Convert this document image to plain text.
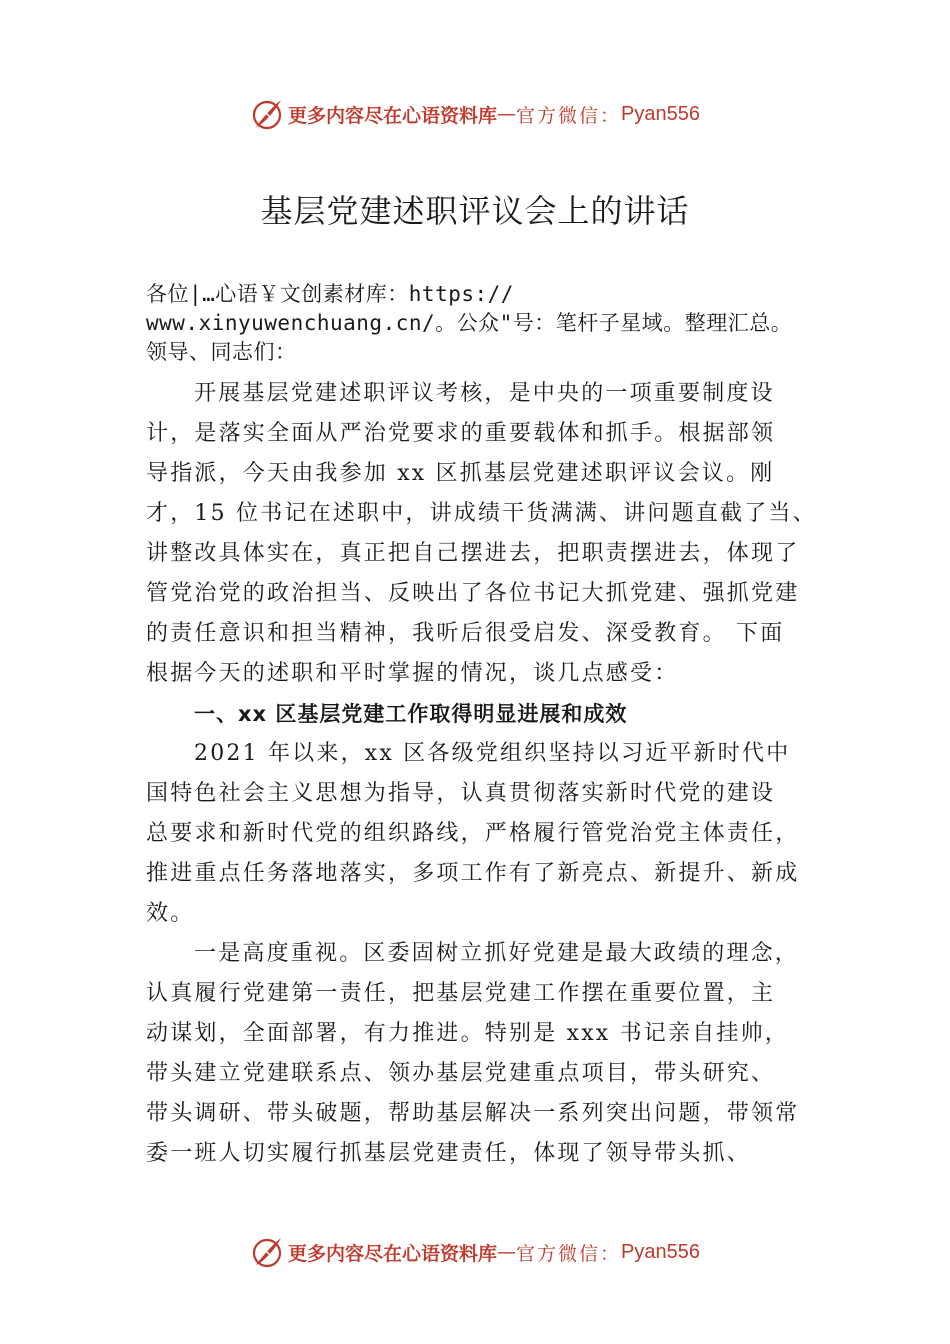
更多内容尽在心语资料库 — 官方微信： Pyan556
基层党建述职评议会上的讲话
各位|…心语￥文创素材库：https://
www.xinyuwenchuang.cn/。公众"号：笔杆子星域。整理汇总。
领导、同志们：
开展基层党建述职评议考核，是中央的一项重要制度设
计，是落实全面从严治党要求的重要载体和抓手。根据部领
导指派，今天由我参加 xx 区抓基层党建述职评议会议。刚
才，15 位书记在述职中，讲成绩干货满满、讲问题直截了当、
讲整改具体实在，真正把自己摆进去，把职责摆进去，体现了
管党治党的政治担当、反映出了各位书记大抓党建、强抓党建
的责任意识和担当精神，我听后很受启发、深受教育。 下面
根据今天的述职和平时掌握的情况，谈几点感受：
一、xx 区基层党建工作取得明显进展和成效
2021 年以来，xx 区各级党组织坚持以习近平新时代中
国特色社会主义思想为指导，认真贯彻落实新时代党的建设
总要求和新时代党的组织路线，严格履行管党治党主体责任，
推进重点任务落地落实，多项工作有了新亮点、新提升、新成
效。
一是高度重视。区委固树立抓好党建是最大政绩的理念，
认真履行党建第一责任，把基层党建工作摆在重要位置，主
动谋划，全面部署，有力推进。特别是 xxx 书记亲自挂帅，
带头建立党建联系点、领办基层党建重点项目，带头研究、
带头调研、带头破题，帮助基层解决一系列突出问题，带领常
委一班人切实履行抓基层党建责任，体现了领导带头抓、
更多内容尽在心语资料库 — 官方微信： Pyan556
